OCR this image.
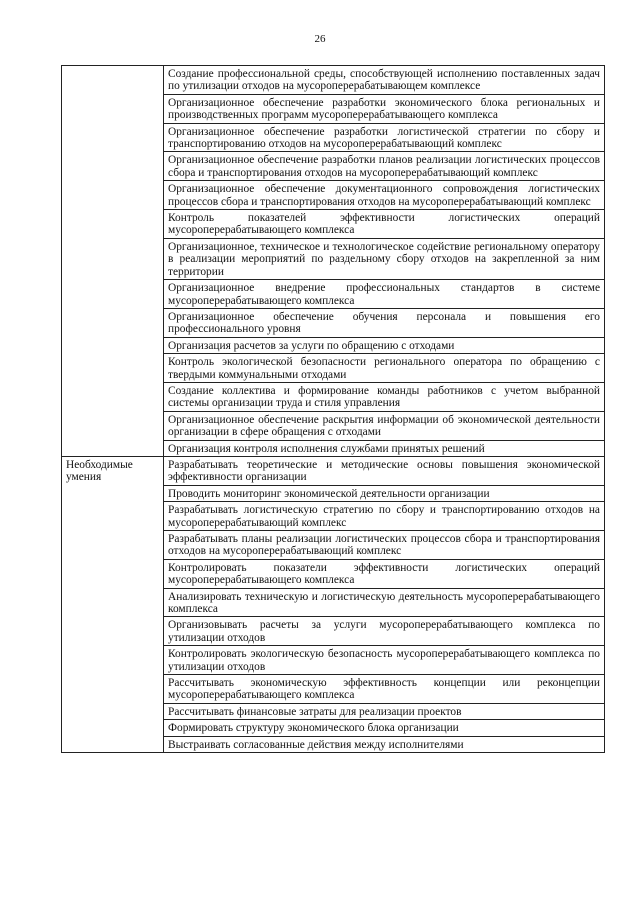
26
	Создание профессиональной среды, способствующей исполнению поставленных задач по утилизации отходов на мусороперерабатывающем комплексе
	Организационное обеспечение разработки экономического блока региональных и производственных программ мусороперерабатывающего комплекса
	Организационное обеспечение разработки логистической стратегии по сбору и транспортированию отходов на мусороперерабатывающий комплекс
	Организационное обеспечение разработки планов реализации логистических процессов сбора и транспортирования отходов на мусороперерабатывающий комплекс
	Организационное обеспечение документационного сопровождения логистических процессов сбора и транспортирования отходов на мусороперерабатывающий комплекс
	Контроль показателей эффективности логистических операций мусороперерабатывающего комплекса
	Организационное, техническое и технологическое содействие региональному оператору в реализации мероприятий по раздельному сбору отходов на закрепленной за ним территории
	Организационное внедрение профессиональных стандартов в системе мусороперерабатывающего комплекса
	Организационное обеспечение обучения персонала и повышения его профессионального уровня
	Организация расчетов за услуги по обращению с отходами
	Контроль экологической безопасности регионального оператора по обращению с твердыми коммунальными отходами
	Создание коллектива и формирование команды работников с учетом выбранной системы организации труда и стиля управления
	Организационное обеспечение раскрытия информации об экономической деятельности организации в сфере обращения с отходами
	Организация контроля исполнения службами принятых решений
Необходимые умения	Разрабатывать теоретические и методические основы повышения экономической эффективности организации
	Проводить мониторинг экономической деятельности организации
	Разрабатывать логистическую стратегию по сбору и транспортированию отходов на мусороперерабатывающий комплекс
	Разрабатывать планы реализации логистических процессов сбора и транспортирования отходов на мусороперерабатывающий комплекс
	Контролировать показатели эффективности логистических операций мусороперерабатывающего комплекса
	Анализировать техническую и логистическую деятельность мусороперерабатывающего комплекса
	Организовывать расчеты за услуги мусороперерабатывающего комплекса по утилизации отходов
	Контролировать экологическую безопасность мусороперерабатывающего комплекса по утилизации отходов
	Рассчитывать экономическую эффективность концепции или реконцепции мусороперерабатывающего комплекса
	Рассчитывать финансовые затраты для реализации проектов
	Формировать структуру экономического блока организации
	Выстраивать согласованные действия между исполнителями
